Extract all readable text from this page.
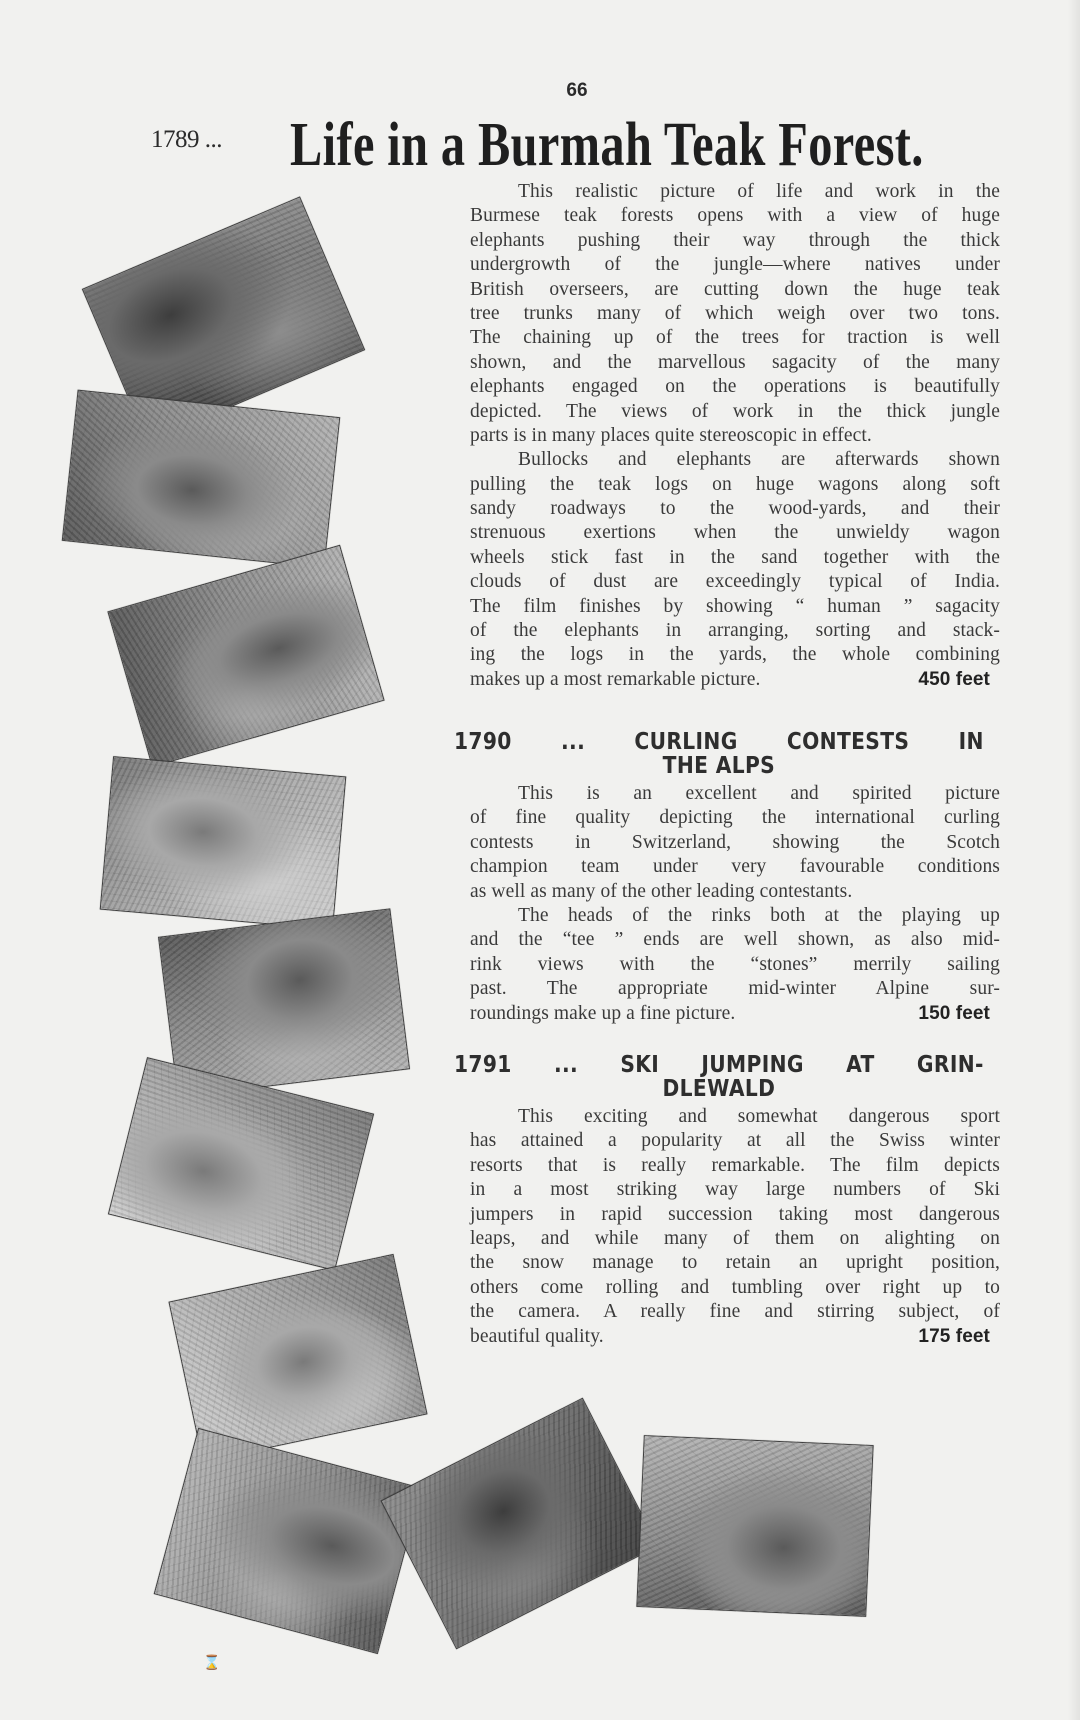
66
1789 ... Life in a Burmah Teak Forest.
This realistic picture of life and work in the
Burmese teak forests opens with a view of huge
elephants pushing their way through the thick
undergrowth of the jungle—where natives under
British overseers, are cutting down the huge teak
tree trunks many of which weigh over two tons.
The chaining up of the trees for traction is well
shown, and the marvellous sagacity of the many
elephants engaged on the operations is beautifully
depicted. The views of work in the thick jungle
parts is in many places quite stereoscopic in effect.
Bullocks and elephants are afterwards shown
pulling the teak logs on huge wagons along soft
sandy roadways to the wood-yards, and their
strenuous exertions when the unwieldy wagon
wheels stick fast in the sand together with the
clouds of dust are exceedingly typical of India.
The film finishes by showing “ human ” sagacity
of the elephants in arranging, sorting and stack-
ing the logs in the yards, the whole combining
makes up a most remarkable picture.	450 feet
1790 ... CURLING CONTESTS IN
THE ALPS
This is an excellent and spirited picture
of fine quality depicting the international curling
contests in Switzerland, showing the Scotch
champion team under very favourable conditions
as well as many of the other leading contestants.
The heads of the rinks both at the playing up
and the “tee ” ends are well shown, as also mid-
rink views with the “stones” merrily sailing
past. The appropriate mid-winter Alpine sur-
roundings make up a fine picture.	150 feet
1791 ... SKI JUMPING AT GRIN-
DLEWALD
This exciting and somewhat dangerous sport
has attained a popularity at all the Swiss winter
resorts that is really remarkable. The film depicts
in a most striking way large numbers of Ski
jumpers in rapid succession taking most dangerous
leaps, and while many of them on alighting on
the snow manage to retain an upright position,
others come rolling and tumbling over right up to
the camera. A really fine and stirring subject, of
beautiful quality.	175 feet
⌛
